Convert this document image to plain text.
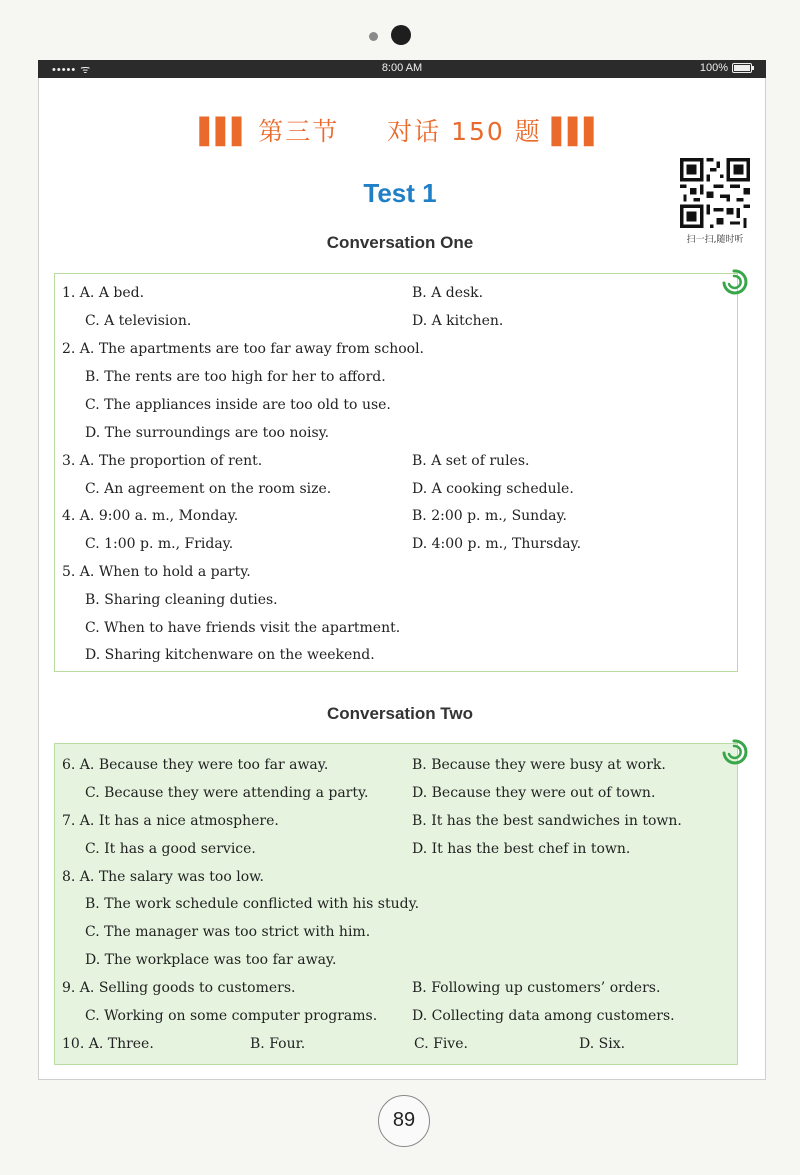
••••• ᯤ	8:00 AM	100%
▌▌▌ 第三节 对话 150 题 ▌▌▌
Test 1
扫一扫,随时听
Conversation One
1. A. A bed.	B. A desk.
C. A television.	D. A kitchen.
2. A. The apartments are too far away from school.
B. The rents are too high for her to afford.
C. The appliances inside are too old to use.
D. The surroundings are too noisy.
3. A. The proportion of rent.	B. A set of rules.
C. An agreement on the room size.	D. A cooking schedule.
4. A. 9:00 a. m., Monday.	B. 2:00 p. m., Sunday.
C. 1:00 p. m., Friday.	D. 4:00 p. m., Thursday.
5. A. When to hold a party.
B. Sharing cleaning duties.
C. When to have friends visit the apartment.
D. Sharing kitchenware on the weekend.
Conversation Two
6. A. Because they were too far away.	B. Because they were busy at work.
C. Because they were attending a party.	D. Because they were out of town.
7. A. It has a nice atmosphere.	B. It has the best sandwiches in town.
C. It has a good service.	D. It has the best chef in town.
8. A. The salary was too low.
B. The work schedule conflicted with his study.
C. The manager was too strict with him.
D. The workplace was too far away.
9. A. Selling goods to customers.	B. Following up customers’ orders.
C. Working on some computer programs. D. Collecting data among customers.
10. A. Three.	B. Four.	C. Five.	D. Six.
89
